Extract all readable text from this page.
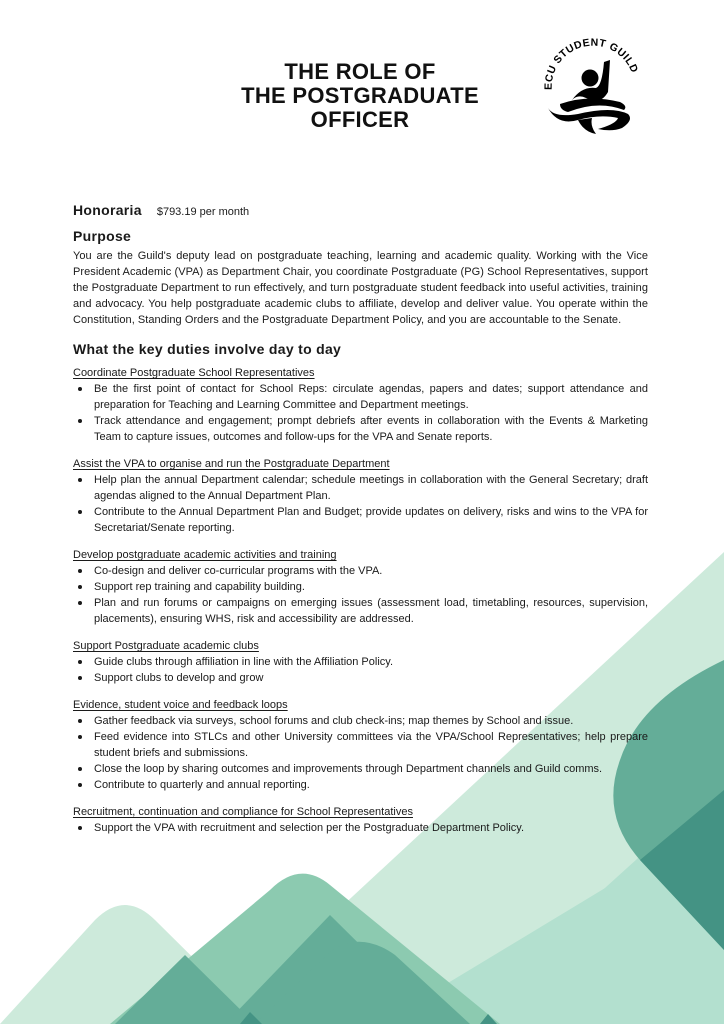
THE ROLE OF
THE POSTGRADUATE
OFFICER
ECU STUDENT GUILD
Honoraria $793.19 per month
Purpose

You are the Guild's deputy lead on postgraduate teaching, learning and academic quality. Working with the Vice President Academic (VPA) as Department Chair, you coordinate Postgraduate (PG) School Representatives, support the Postgraduate Department to run effectively, and turn postgraduate student feedback into useful activities, training and advocacy. You help postgraduate academic clubs to affiliate, develop and deliver value. You operate within the Constitution, Standing Orders and the Postgraduate Department Policy, and you are accountable to the Senate.

What the key duties involve day to day

Coordinate Postgraduate School Representatives

Be the first point of contact for School Reps: circulate agendas, papers and dates; support attendance and preparation for Teaching and Learning Committee and Department meetings.
Track attendance and engagement; prompt debriefs after events in collaboration with the Events & Marketing Team to capture issues, outcomes and follow-ups for the VPA and Senate reports.

Assist the VPA to organise and run the Postgraduate Department

Help plan the annual Department calendar; schedule meetings in collaboration with the General Secretary; draft agendas aligned to the Annual Department Plan.
Contribute to the Annual Department Plan and Budget; provide updates on delivery, risks and wins to the VPA for Secretariat/Senate reporting.

Develop postgraduate academic activities and training

Co-design and deliver co-curricular programs with the VPA.
Support rep training and capability building.
Plan and run forums or campaigns on emerging issues (assessment load, timetabling, resources, supervision, placements), ensuring WHS, risk and accessibility are addressed.

Support Postgraduate academic clubs

Guide clubs through affiliation in line with the Affiliation Policy.
Support clubs to develop and grow

Evidence, student voice and feedback loops

Gather feedback via surveys, school forums and club check-ins; map themes by School and issue.
Feed evidence into STLCs and other University committees via the VPA/School Representatives; help prepare student briefs and submissions.
Close the loop by sharing outcomes and improvements through Department channels and Guild comms.
Contribute to quarterly and annual reporting.

Recruitment, continuation and compliance for School Representatives

Support the VPA with recruitment and selection per the Postgraduate Department Policy.
